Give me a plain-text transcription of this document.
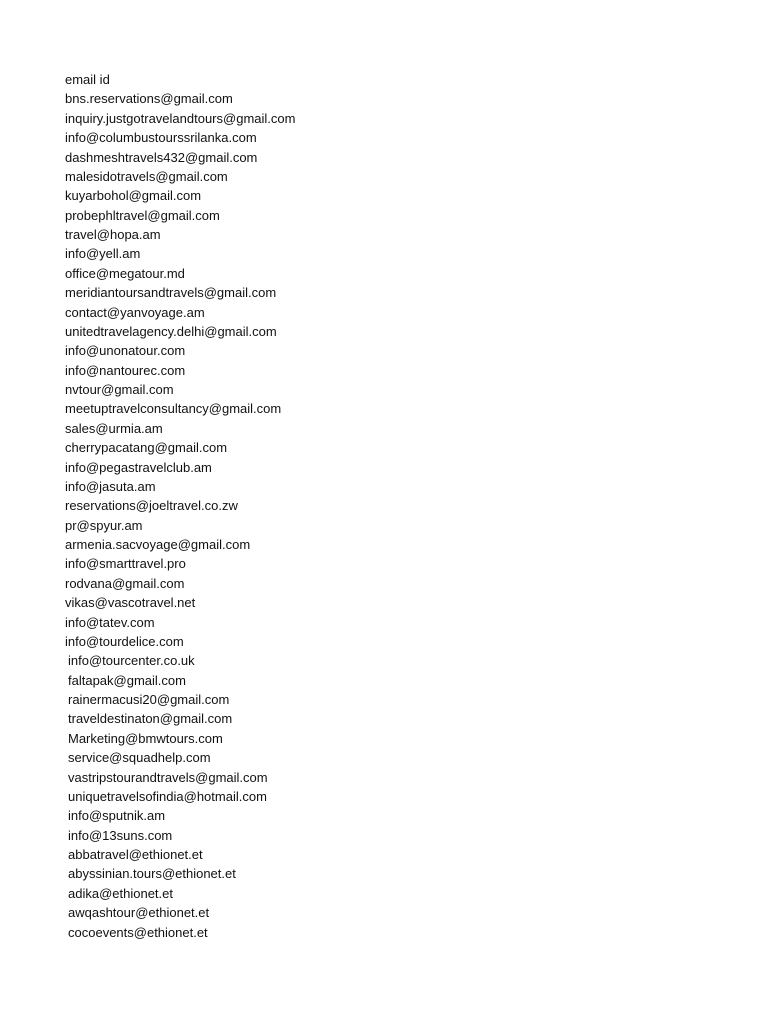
email id
bns.reservations@gmail.com
inquiry.justgotravelandtours@gmail.com
info@columbustourssrilanka.com
dashmeshtravels432@gmail.com
malesidotravels@gmail.com
kuyarbohol@gmail.com
probephltravel@gmail.com
travel@hopa.am
info@yell.am
office@megatour.md
meridiantoursandtravels@gmail.com
contact@yanvoyage.am
unitedtravelagency.delhi@gmail.com
info@unonatour.com
info@nantourec.com
nvtour@gmail.com
meetuptravelconsultancy@gmail.com
sales@urmia.am
cherrypacatang@gmail.com
info@pegastravelclub.am
info@jasuta.am
reservations@joeltravel.co.zw
pr@spyur.am
armenia.sacvoyage@gmail.com
info@smarttravel.pro
rodvana@gmail.com
vikas@vascotravel.net
info@tatev.com
info@tourdelice.com
info@tourcenter.co.uk
faltapak@gmail.com
rainermacusi20@gmail.com
traveldestinaton@gmail.com
Marketing@bmwtours.com
service@squadhelp.com
vastripstourandtravels@gmail.com
uniquetravelsofindia@hotmail.com
info@sputnik.am
info@13suns.com
abbatravel@ethionet.et
abyssinian.tours@ethionet.et
adika@ethionet.et
awqashtour@ethionet.et
cocoevents@ethionet.et
